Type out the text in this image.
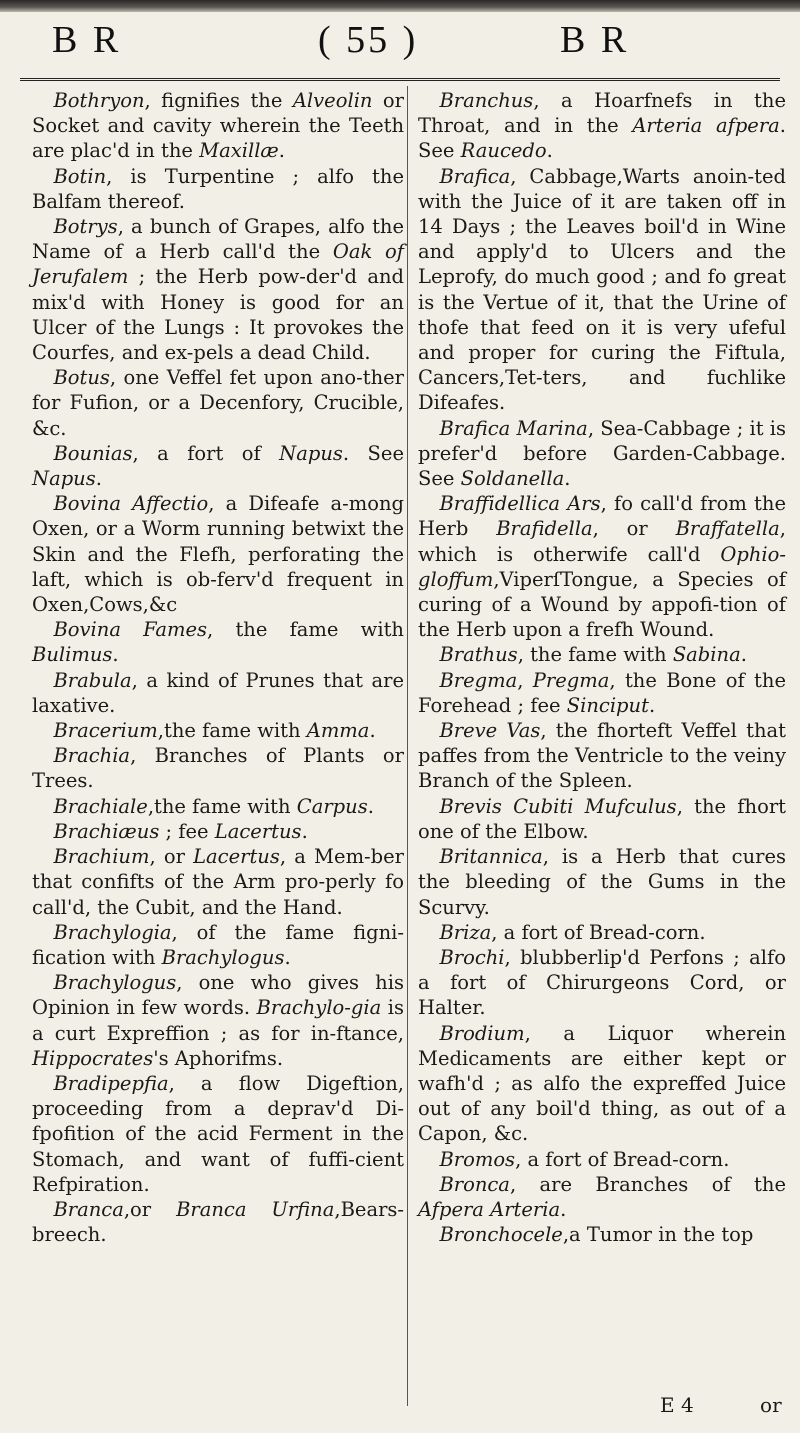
B R	( 55 )	B R

Bothryon, fignifies the Alveolin or Socket and cavity wherein the Teeth are plac'd in the Maxillæ.

Botin, is Turpentine ; alfo the Balfam thereof.

Botrys, a bunch of Grapes, alfo the Name of a Herb call'd the Oak of Jerufalem ; the Herb pow-der'd and mix'd with Honey is good for an Ulcer of the Lungs : It provokes the Courfes, and ex-pels a dead Child.

Botus, one Veffel fet upon ano-ther for Fufion, or a Decenfory, Crucible, &c.

Bounias, a fort of Napus. See Napus.

Bovina Affectio, a Difeafe a-mong Oxen, or a Worm running betwixt the Skin and the Flefh, perforating the laft, which is ob-ferv'd frequent in Oxen,Cows,&c

Bovina Fames, the fame with Bulimus.

Brabula, a kind of Prunes that are laxative.

Bracerium,the fame with Ammа.

Brachia, Branches of Plants or Trees.

Brachiale,the fame with Carpus.

Brachiæus ; fee Lacertus.

Brachium, or Lacertus, a Mem-ber that confifts of the Arm pro-perly fo call'd, the Cubit, and the Hand.

Brachylogia, of the fame figni-fication with Brachylogus.

Brachylogus, one who gives his Opinion in few words. Brachylo-gia is a curt Expreffion ; as for in-ftance, Hippocrates's Aphorifms.

Bradipepfia, a flow Digeftion, proceeding from a deprav'd Di-fpofition of the acid Ferment in the Stomach, and want of fuffi-cient Refpiration.

Branca,or Branca Urfina,Bears-breech.

Branchus, a Hoarfnefs in the Throat, and in the Arteria afpera. See Raucedo.

Brafica, Cabbage,Warts anoin-ted with the Juice of it are taken off in 14 Days ; the Leaves boil'd in Wine and apply'd to Ulcers and the Leprofy, do much good ; and fo great is the Vertue of it, that the Urine of thofe that feed on it is very ufeful and proper for curing the Fiftula, Cancers,Tet-ters, and fuchlike Difeafes.

Brafica Marina, Sea-Cabbage ; it is prefer'd before Garden-Cabbage. See Soldanella.

Braffidellica Ars, fo call'd from the Herb Brafidella, or Braffatella, which is otherwife call'd Ophio-gloffum,ViperſTongue, a Species of curing of a Wound by appofi-tion of the Herb upon a frefh Wound.

Brathus, the fame with Sabina.

Bregma, Pregma, the Bone of the Forehead ; fee Sinciput.

Breve Vas, the fhorteft Veffel that paffes from the Ventricle to the veiny Branch of the Spleen.

Brevis Cubiti Mufculus, the fhort one of the Elbow.

Britannica, is a Herb that cures the bleeding of the Gums in the Scurvy.

Briza, a fort of Bread-corn.

Brochi, blubberlip'd Perfons ; alfo a fort of Chirurgeons Cord, or Halter.

Brodium, a Liquor wherein Medicaments are either kept or wafh'd ; as alfo the expreffed Juice out of any boil'd thing, as out of a Capon, &c.

Bromos, a fort of Bread-corn.

Bronca, are Branches of the Afpera Arteria.

Bronchocele,a Tumor in the top

E 4	or
